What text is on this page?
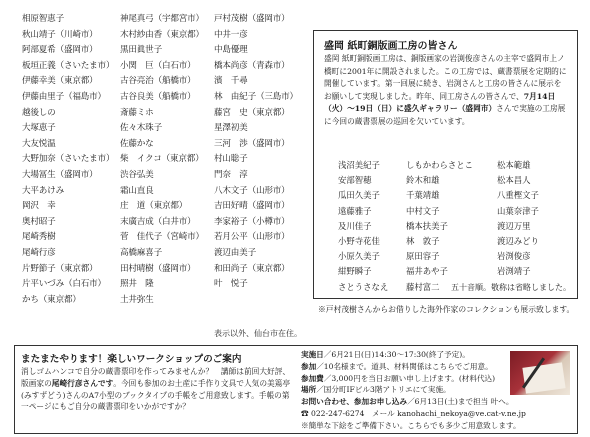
相原智恵子
秋山靖子（川崎市）
阿部夏希（盛岡市）
板垣正義（さいたま市）
伊藤幸美（東京都）
伊藤由里子（福島市）
越後しの
大塚恵子
大友悦温
大野加奈（さいたま市）
大場冨生（盛岡市）
大平あけみ
岡沢　幸
奥村昭子
尾崎秀樹
尾崎行彦
片野節子（東京都）
片平いづみ（白石市）
かち（東京都）
神尾真弓（宇都宮市）
木村紗由香（東京都）
黒田眞世子
小関　巨（白石市）
古谷亮治（船橋市）
古谷良美（船橋市）
斎藤ミホ
佐々木珠子
佐藤かな
柴　イクコ（東京都）
渋谷弘美
霜山直良
庄　道（東京都）
末廣吉成（白井市）
菅　佳代子（宮崎市）
高橋麻喜子
田村晴樹（盛岡市）
照井　隆
土井弥生
戸村茂樹（盛岡市）
中井一彦
中島優理
橋本尚彦（青森市）
濱　千尋
林　由紀子（三島市）
藤宮　史（東京都）
星澤初美
三河　渉（盛岡市）
村山聡子
門奈　淳
八木文子（山形市）
吉田好晴（盛岡市）
李家裕子（小樽市）
若月公平（山形市）
渡辺由美子
和田尚子（東京都）
叶　悦子

表示以外、仙台市在住。
盛岡 紙町銅版画工房の皆さん
盛岡 紙町銅版画工房は、銅版画家の岩渕俊彦さんの主宰で盛岡市上ノ橋町に2001年に開設されました。この工房では、蔵書票展を定期的に開催しています。第一回展に続き、岩渕さんと工房の皆さんに展示をお願いして実現しました。昨年、同工房さんの皆さんで、7月14日（火）〜19日（日）に盛久ギャラリー（盛岡市）さんで実施の工房展に今回の蔵書票展の巡回を欠いています。
浅沼美紀子
安部智穂
瓜田久美子
遠藤雅子
及川佳子
小野寺花佳
小原久美子
紺野瞬子
さとうさなえ
しもかわらさとこ
鈴木和雄
千葉靖雄
中村文子
橋本扶美子
林　敦子
原田容子
福井あや子
藤村富二
松本範雄
松本昌人
八重樫文子
山葉奈津子
渡辺万里
渡辺みどり
岩渕俊彦
岩渕靖子

五十音順。敬称は省略しました。
※戸村茂樹さんからお借りした海外作家のコレクションも展示致します。
またまたやります！楽しいワークショップのご案内
消しゴムハンコで自分の蔵書票印を作ってみませんか？　講師は前回大好評、版画家の尾崎行彦さんです。今回も参加のお土産に手作り文具で人気の美篶亭(みすずどう)さんのA7小型のブックタイプの手帳をご用意致します。手帳の第一ページにもご自分の蔵書票印をいかがですか？
実施日／6月21日(日)14:30〜17:30(終了予定)。
参加／10名様まで。道具、材料関係はこちらでご用意。
参加費／3,000円を当日お願い申し上げます。(材料代込)
場所／国分町IFビル3階アトリエにて実施。
お問い合わせ、参加お申し込み／6月13日(土)まで担当 叶へ。
☎ 022-247-6274　メール kanohachi_nekoya@ve.cat-v.ne.jp
※簡単な下絵をご準備下さい。こちらでも多少ご用意致します。
